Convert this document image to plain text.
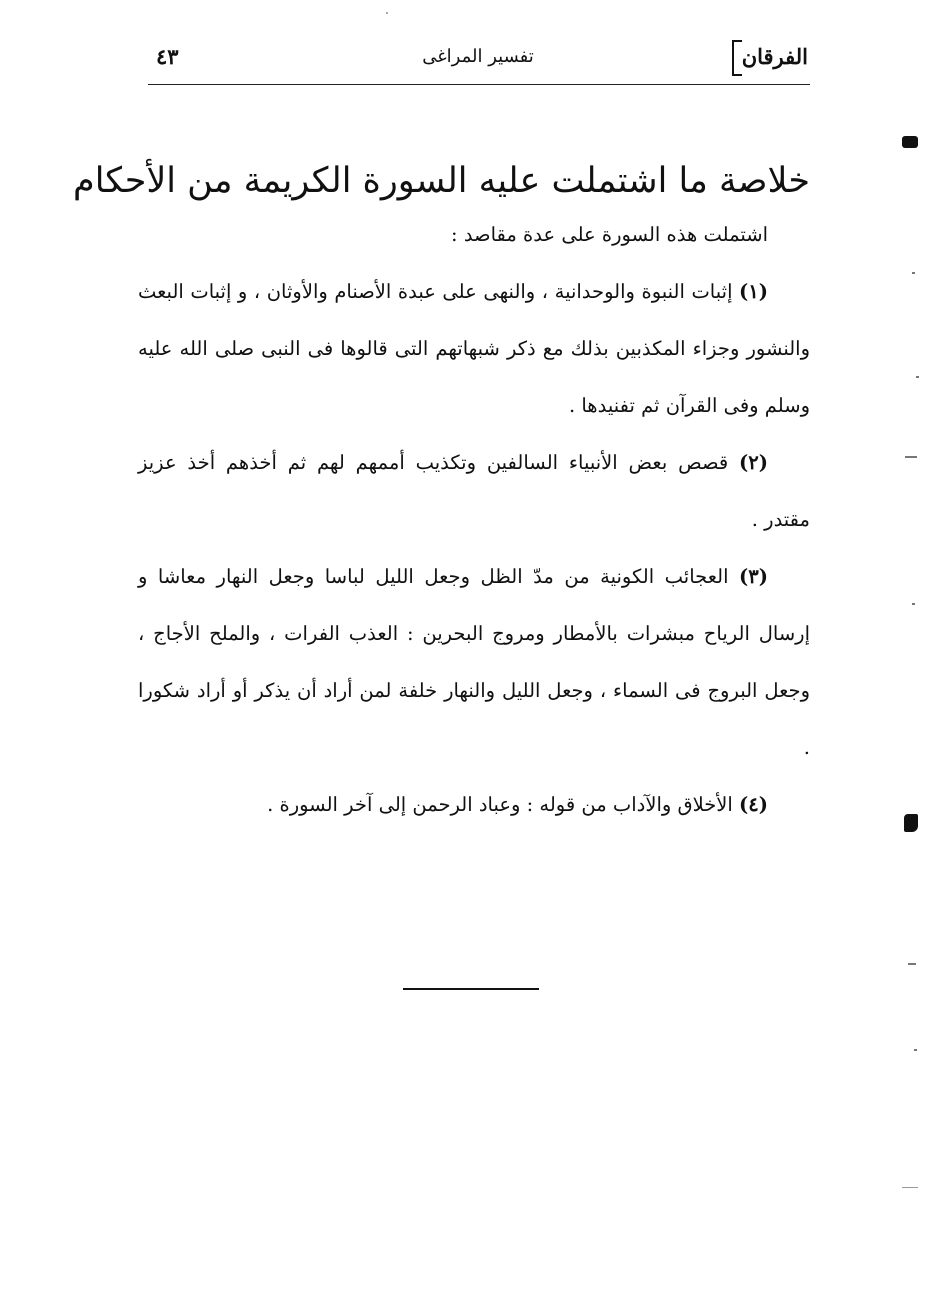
الفرقان
تفسير المراغى
٤٣
خلاصة ما اشتملت عليه السورة الكريمة من الأحكام

اشتملت هذه السورة على عدة مقاصد :

(١) إثبات النبوة والوحدانية ، والنهى على عبدة الأصنام والأوثان ، و إثبات البعث والنشور وجزاء المكذبين بذلك مع ذكر شبهاتهم التى قالوها فى النبى صلى الله عليه وسلم وفى القرآن ثم تفنيدها .

(٢) قصص بعض الأنبياء السالفين وتكذيب أممهم لهم ثم أخذهم أخذ عزيز مقتدر .

(٣) العجائب الكونية من مدّ الظل وجعل الليل لباسا وجعل النهار معاشا و إرسال الرياح مبشرات بالأمطار ومروج البحرين : العذب الفرات ، والملح الأجاج ، وجعل البروج فى السماء ، وجعل الليل والنهار خلفة لمن أراد أن يذكر أو أراد شكورا .

(٤) الأخلاق والآداب من قوله : وعباد الرحمن إلى آخر السورة .
